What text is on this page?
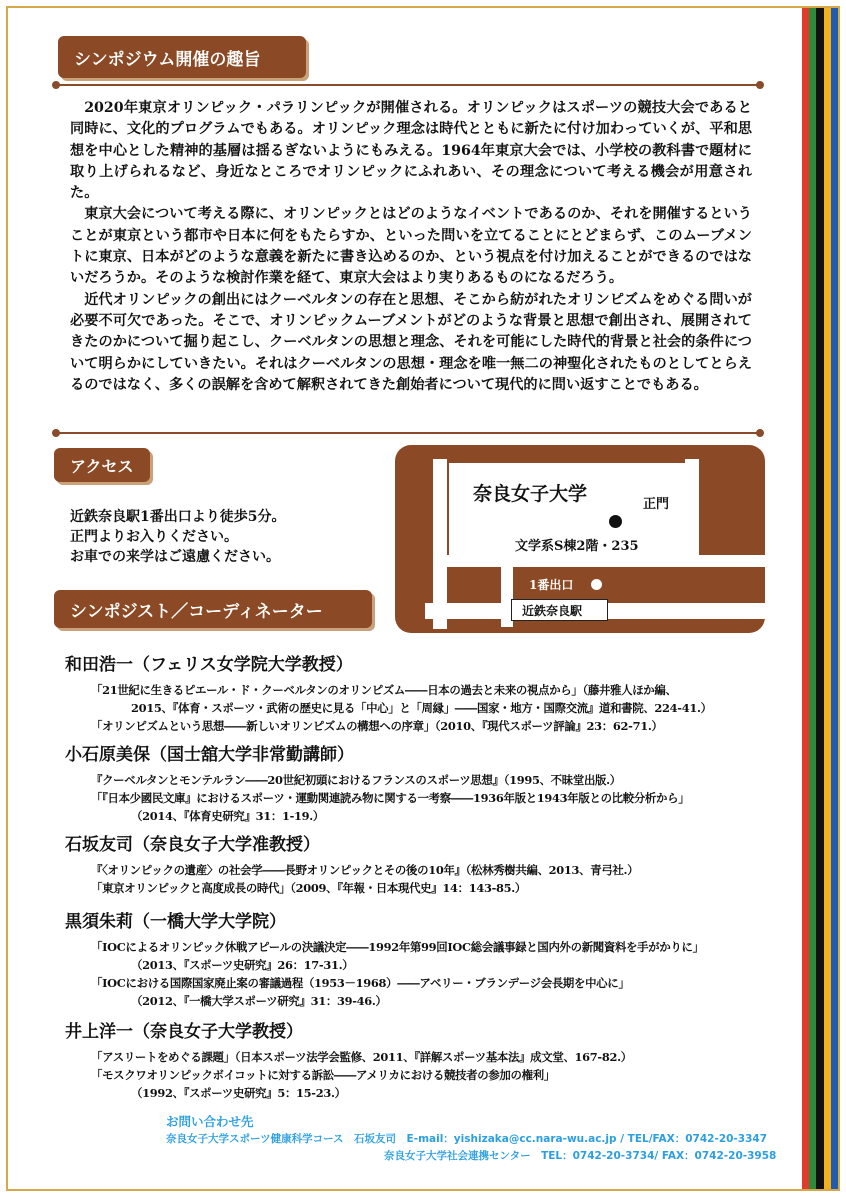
シンポジウム開催の趣旨

2020年東京オリンピック・パラリンピックが開催される。オリンピックはスポーツの競技大会であると同時に、文化的プログラムでもある。オリンピック理念は時代とともに新たに付け加わっていくが、平和思想を中心とした精神的基層は揺るぎないようにもみえる。1964年東京大会では、小学校の教科書で題材に取り上げられるなど、身近なところでオリンピックにふれあい、その理念について考える機会が用意された。

東京大会について考える際に、オリンピックとはどのようなイベントであるのか、それを開催するということが東京という都市や日本に何をもたらすか、といった問いを立てることにとどまらず、このムーブメントに東京、日本がどのような意義を新たに書き込めるのか、という視点を付け加えることができるのではないだろうか。そのような検討作業を経て、東京大会はより実りあるものになるだろう。

近代オリンピックの創出にはクーベルタンの存在と思想、そこから紡がれたオリンピズムをめぐる問いが必要不可欠であった。そこで、オリンピックムーブメントがどのような背景と思想で創出され、展開されてきたのかについて掘り起こし、クーベルタンの思想と理念、それを可能にした時代的背景と社会的条件について明らかにしていきたい。それはクーベルタンの思想・理念を唯一無二の神聖化されたものとしてとらえるのではなく、多くの誤解を含めて解釈されてきた創始者について現代的に問い返すことでもある。

アクセス
近鉄奈良駅1番出口より徒歩5分。
正門よりお入りください。
お車での来学はご遠慮ください。
奈良女子大学	正門
文学系S棟2階・235
1番出口
近鉄奈良駅
シンポジスト／コーディネーター
和田浩一（フェリス女学院大学教授）
「21世紀に生きるピエール・ド・クーベルタンのオリンピズム――日本の過去と未来の視点から」（藤井雅人ほか編、
2015、『体育・スポーツ・武術の歴史に見る「中心」と「周縁」――国家・地方・国際交流』道和書院、224-41.）
「オリンピズムという思想――新しいオリンピズムの構想への序章」（2010、『現代スポーツ評論』23：62-71.）
小石原美保（国士舘大学非常勤講師）
『クーベルタンとモンテルラン――20世紀初頭におけるフランスのスポーツ思想』（1995、不昧堂出版.）
「『日本少國民文庫』におけるスポーツ・運動関連読み物に関する一考察――1936年版と1943年版との比較分析から」
（2014、『体育史研究』31：1-19.）
石坂友司（奈良女子大学准教授）
『〈オリンピックの遺産〉の社会学――長野オリンピックとその後の10年』（松林秀樹共編、2013、青弓社.）
「東京オリンピックと高度成長の時代」（2009、『年報・日本現代史』14：143-85.）
黒須朱莉（一橋大学大学院）
「IOCによるオリンピック休戦アピールの決議決定――1992年第99回IOC総会議事録と国内外の新聞資料を手がかりに」
（2013、『スポーツ史研究』26：17-31.）
「IOCにおける国際国家廃止案の審議過程（1953－1968）――アベリー・ブランデージ会長期を中心に」
（2012、『一橋大学スポーツ研究』31：39-46.）
井上洋一（奈良女子大学教授）
「アスリートをめぐる課題」（日本スポーツ法学会監修、2011、『詳解スポーツ基本法』成文堂、167-82.）
「モスクワオリンピックボイコットに対する訴訟――アメリカにおける競技者の参加の権利」
（1992、『スポーツ史研究』5：15-23.）
お問い合わせ先
奈良女子大学スポーツ健康科学コース　石坂友司　E-mail：yishizaka@cc.nara-wu.ac.jp / TEL/FAX：0742-20-3347
奈良女子大学社会連携センター　TEL：0742-20-3734/ FAX：0742-20-3958
